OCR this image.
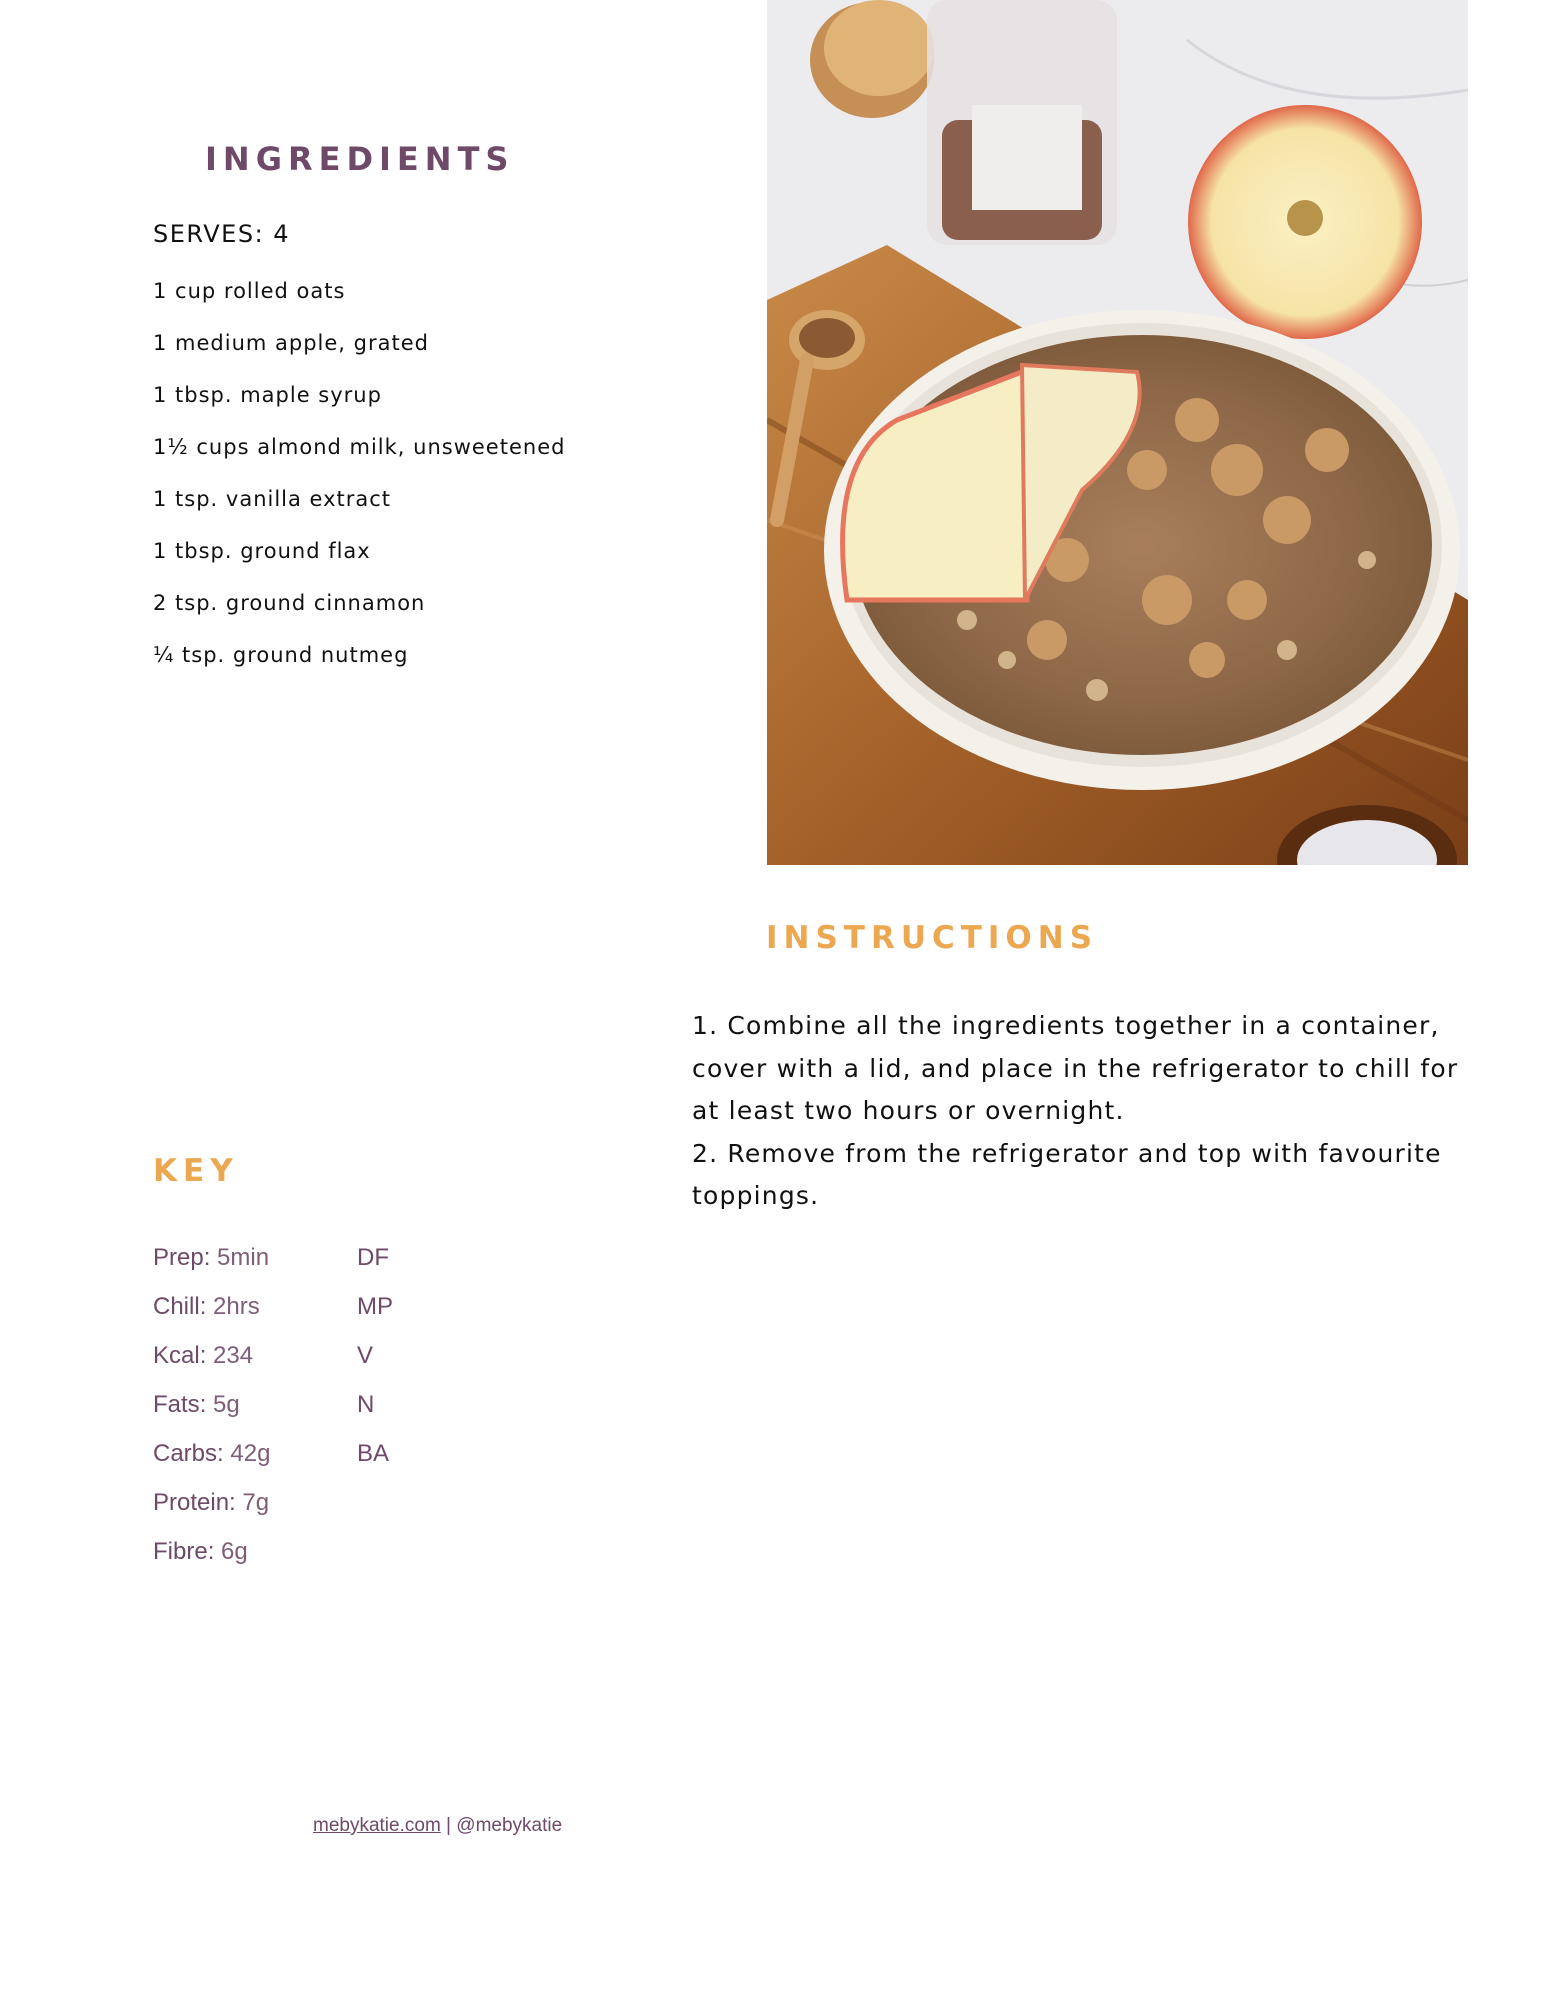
INGREDIENTS
SERVES: 4
1 cup rolled oats
1 medium apple, grated
1 tbsp. maple syrup
1½ cups almond milk, unsweetened
1 tsp. vanilla extract
1 tbsp. ground flax
2 tsp. ground cinnamon
¼ tsp. ground nutmeg
INSTRUCTIONS
1. Combine all the ingredients together in a container, cover with a lid, and place in the refrigerator to chill for at least two hours or overnight.
2. Remove from the refrigerator and top with favourite toppings.
KEY
Prep: 5min
Chill: 2hrs
Kcal: 234
Fats: 5g
Carbs: 42g
Protein: 7g
Fibre: 6g
DF
MP
V
N
BA
mebykatie.com | @mebykatie
